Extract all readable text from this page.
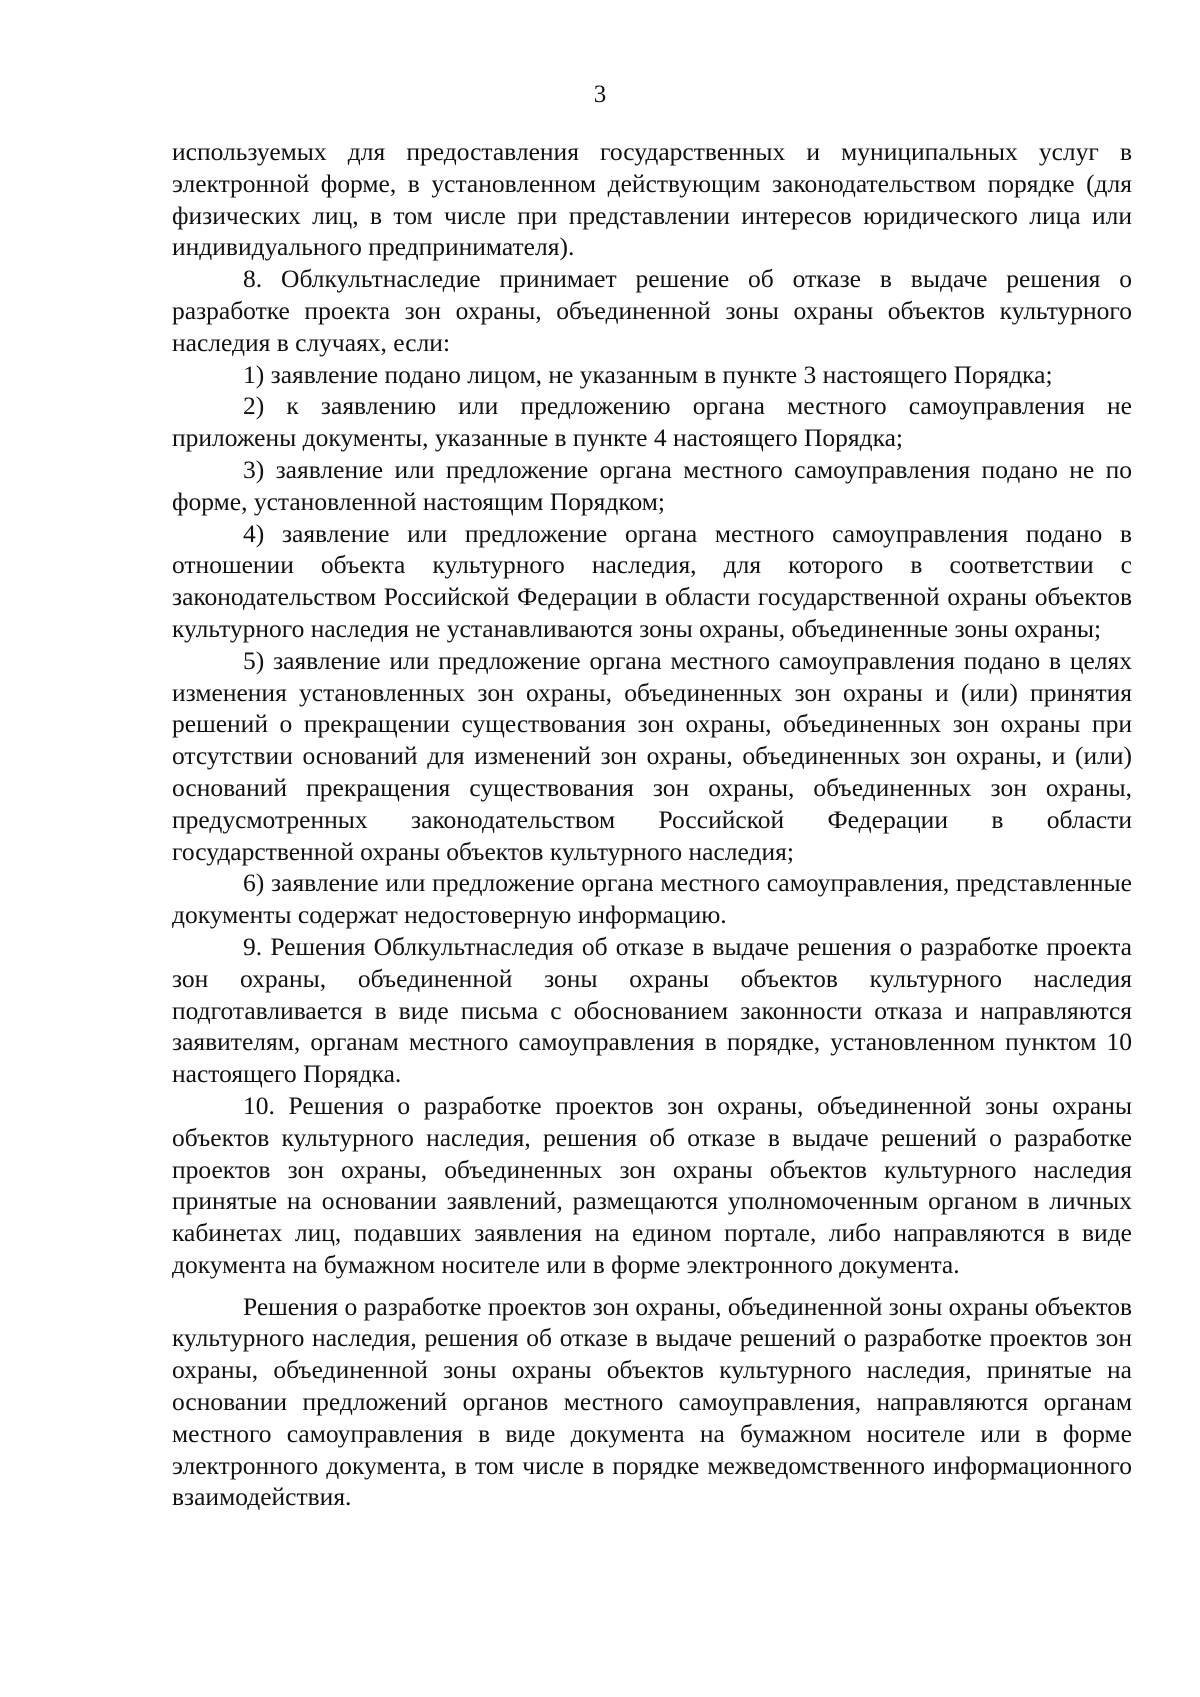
3

используемых для предоставления государственных и муниципальных услуг в электронной форме, в установленном действующим законодательством порядке (для физических лиц, в том числе при представлении интересов юридического лица или индивидуального предпринимателя).

8. Облкультнаследие принимает решение об отказе в выдаче решения о разработке проекта зон охраны, объединенной зоны охраны объектов культурного наследия в случаях, если:

1) заявление подано лицом, не указанным в пункте 3 настоящего Порядка;

2) к заявлению или предложению органа местного самоуправления не приложены документы, указанные в пункте 4 настоящего Порядка;

3) заявление или предложение органа местного самоуправления подано не по форме, установленной настоящим Порядком;

4) заявление или предложение органа местного самоуправления подано в отношении объекта культурного наследия, для которого в соответствии с законодательством Российской Федерации в области государственной охраны объектов культурного наследия не устанавливаются зоны охраны, объединенные зоны охраны;

5) заявление или предложение органа местного самоуправления подано в целях изменения установленных зон охраны, объединенных зон охраны и (или) принятия решений о прекращении существования зон охраны, объединенных зон охраны при отсутствии оснований для изменений зон охраны, объединенных зон охраны, и (или) оснований прекращения существования зон охраны, объединенных зон охраны, предусмотренных законодательством Российской Федерации в области государственной охраны объектов культурного наследия;

6) заявление или предложение органа местного самоуправления, представленные документы содержат недостоверную информацию.

9. Решения Облкультнаследия об отказе в выдаче решения о разработке проекта зон охраны, объединенной зоны охраны объектов культурного наследия подготавливается в виде письма с обоснованием законности отказа и направляются заявителям, органам местного самоуправления в порядке, установленном пунктом 10 настоящего Порядка.

10. Решения о разработке проектов зон охраны, объединенной зоны охраны объектов культурного наследия, решения об отказе в выдаче решений о разработке проектов зон охраны, объединенных зон охраны объектов культурного наследия принятые на основании заявлений, размещаются уполномоченным органом в личных кабинетах лиц, подавших заявления на едином портале, либо направляются в виде документа на бумажном носителе или в форме электронного документа.

Решения о разработке проектов зон охраны, объединенной зоны охраны объектов культурного наследия, решения об отказе в выдаче решений о разработке проектов зон охраны, объединенной зоны охраны объектов культурного наследия, принятые на основании предложений органов местного самоуправления, направляются органам местного самоуправления в виде документа на бумажном носителе или в форме электронного документа, в том числе в порядке межведомственного информационного взаимодействия.
